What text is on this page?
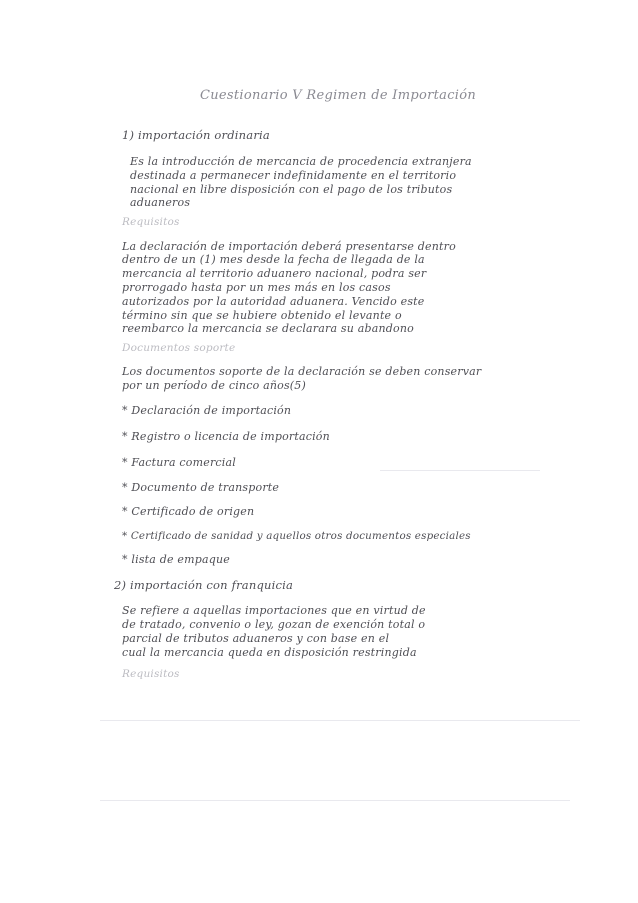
Cuestionario V Regimen de Importación
1) importación ordinaria
Es la introducción de mercancia de procedencia extranjera
destinada a permanecer indefinidamente en el territorio
nacional en libre disposición con el pago de los tributos
aduaneros
Requisitos
La declaración de importación deberá presentarse dentro
dentro de un (1) mes desde la fecha de llegada de la
mercancia al territorio aduanero nacional, podra ser
prorrogado hasta por un mes más en los casos
autorizados por la autoridad aduanera. Vencido este
término sin que se hubiere obtenido el levante o
reembarco la mercancia se declarara su abandono
Documentos soporte
Los documentos soporte de la declaración se deben conservar
por un período de cinco años(5)
* Declaración de importación
* Registro o licencia de importación
* Factura comercial
* Documento de transporte
* Certificado de origen
* Certificado de sanidad y aquellos otros documentos especiales
* lista de empaque
2) importación con franquicia
Se refiere a aquellas importaciones que en virtud de
de tratado, convenio o ley, gozan de exención total o
parcial de tributos aduaneros y con base en el
cual la mercancia queda en disposición restringida
Requisitos
